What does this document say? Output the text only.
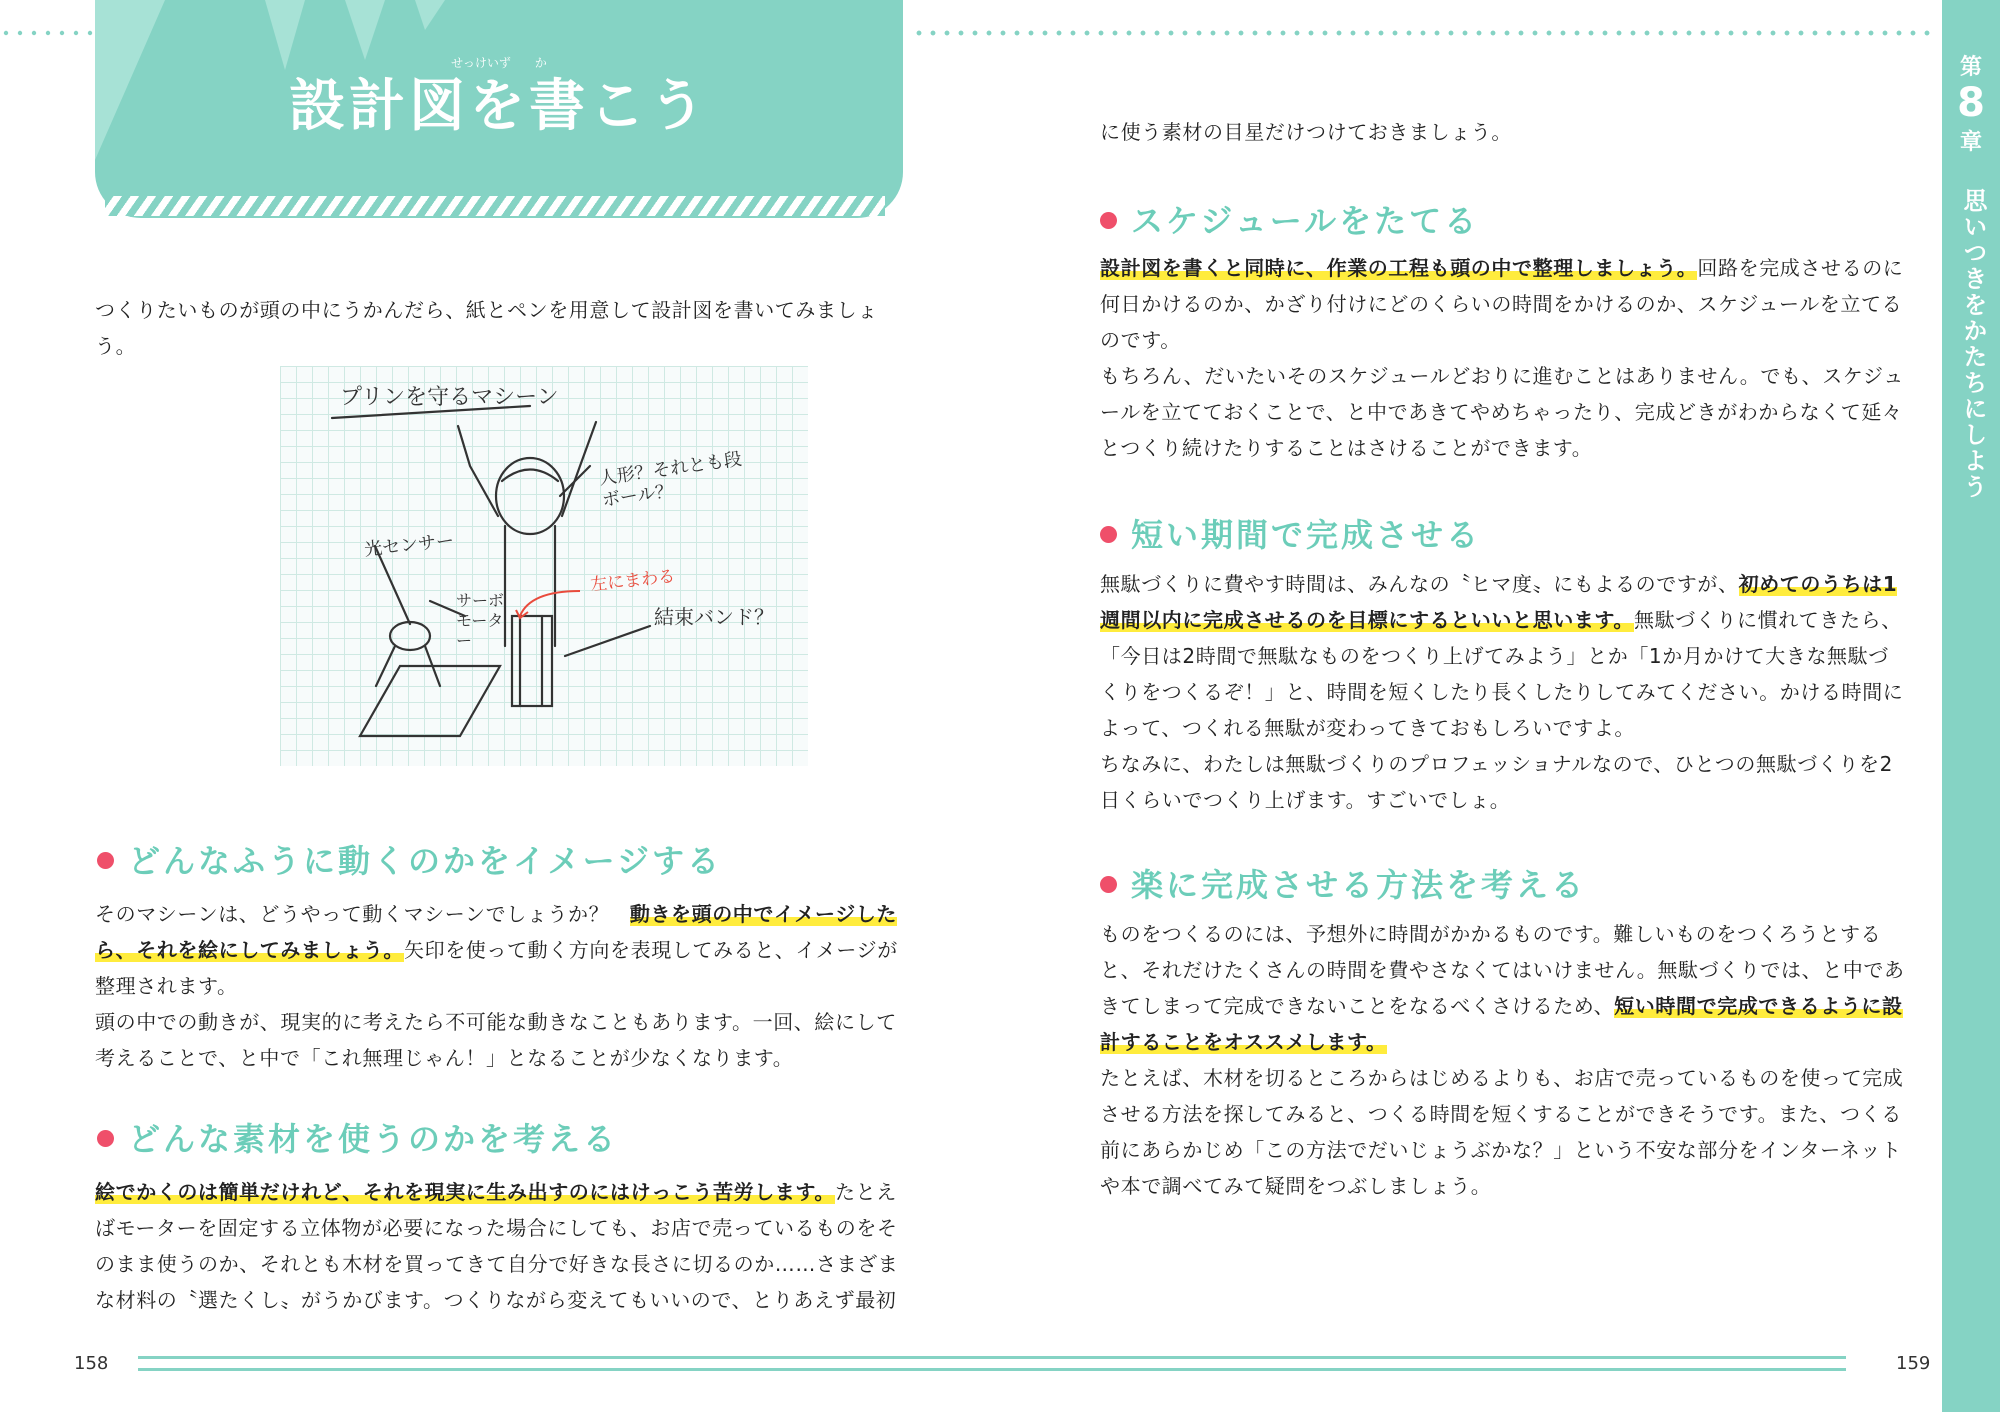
せっけいず　　か
設計図を書こう
第
8
章
思いつきをかたちにしよう
つくりたいものが頭の中にうかんだら、紙とペンを用意して設計図を書いてみましょう。
プリンを守るマシーン
人形？それとも段ボール？
光センサー
サーボモーター
左にまわる
結束バンド？
どんなふうに動くのかをイメージする
そのマシーンは、どうやって動くマシーンでしょうか？　動きを頭の中でイメージしたら、それを絵にしてみましょう。矢印を使って動く方向を表現してみると、イメージが整理されます。
頭の中での動きが、現実的に考えたら不可能な動きなこともあります。一回、絵にして考えることで、と中で「これ無理じゃん！」となることが少なくなります。
どんな素材を使うのかを考える
絵でかくのは簡単だけれど、それを現実に生み出すのにはけっこう苦労します。たとえばモーターを固定する立体物が必要になった場合にしても、お店で売っているものをそのまま使うのか、それとも木材を買ってきて自分で好きな長さに切るのか……さまざまな材料の〝選たくし〟がうかびます。つくりながら変えてもいいので、とりあえず最初
に使う素材の目星だけつけておきましょう。
スケジュールをたてる
設計図を書くと同時に、作業の工程も頭の中で整理しましょう。回路を完成させるのに何日かけるのか、かざり付けにどのくらいの時間をかけるのか、スケジュールを立てるのです。
もちろん、だいたいそのスケジュールどおりに進むことはありません。でも、スケジュールを立てておくことで、と中であきてやめちゃったり、完成どきがわからなくて延々とつくり続けたりすることはさけることができます。
短い期間で完成させる
無駄づくりに費やす時間は、みんなの〝ヒマ度〟にもよるのですが、初めてのうちは1週間以内に完成させるのを目標にするといいと思います。無駄づくりに慣れてきたら、「今日は2時間で無駄なものをつくり上げてみよう」とか「1か月かけて大きな無駄づくりをつくるぞ！」と、時間を短くしたり長くしたりしてみてください。かける時間によって、つくれる無駄が変わってきておもしろいですよ。
ちなみに、わたしは無駄づくりのプロフェッショナルなので、ひとつの無駄づくりを2日くらいでつくり上げます。すごいでしょ。
楽に完成させる方法を考える
ものをつくるのには、予想外に時間がかかるものです。難しいものをつくろうとすると、それだけたくさんの時間を費やさなくてはいけません。無駄づくりでは、と中であきてしまって完成できないことをなるべくさけるため、短い時間で完成できるように設計することをオススメします。
たとえば、木材を切るところからはじめるよりも、お店で売っているものを使って完成させる方法を探してみると、つくる時間を短くすることができそうです。また、つくる前にあらかじめ「この方法でだいじょうぶかな？」という不安な部分をインターネットや本で調べてみて疑問をつぶしましょう。
158	159
